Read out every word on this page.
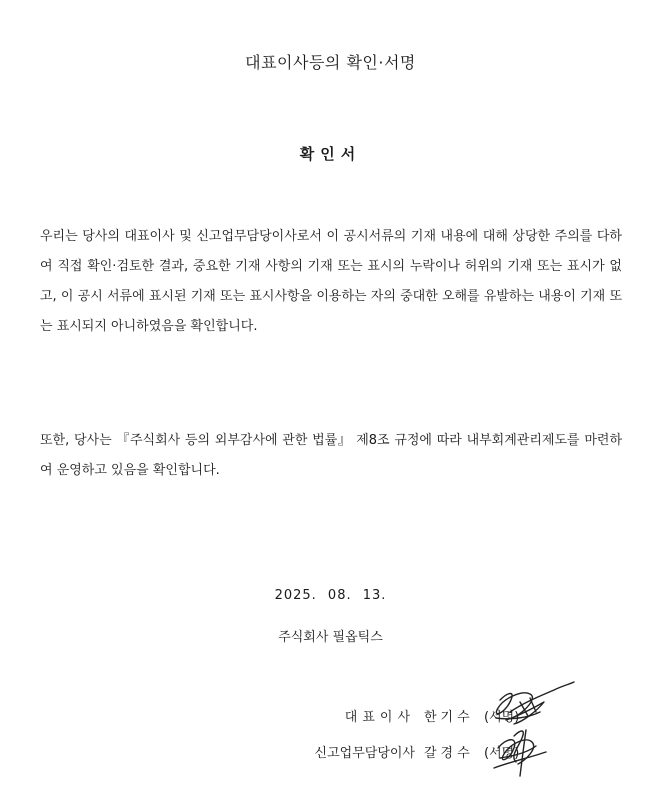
대표이사등의 확인·서명
확인서

우리는 당사의 대표이사 및 신고업무담당이사로서 이 공시서류의 기재 내용에 대해 상당한 주의를 다하여 직접 확인·검토한 결과, 중요한 기재 사항의 기재 또는 표시의 누락이나 허위의 기재 또는 표시가 없고, 이 공시 서류에 표시된 기재 또는 표시사항을 이용하는 자의 중대한 오해를 유발하는 내용이 기재 또는 표시되지 아니하였음을 확인합니다.

또한, 당사는 『주식회사 등의 외부감사에 관한 법률』 제8조 규정에 따라 내부회계관리제도를 마련하여 운영하고 있음을 확인합니다.

2025. 08. 13.
주식회사 필옵틱스
대표이사 한기수 (서명)
신고업무담당이사 갈경수 (서명)
